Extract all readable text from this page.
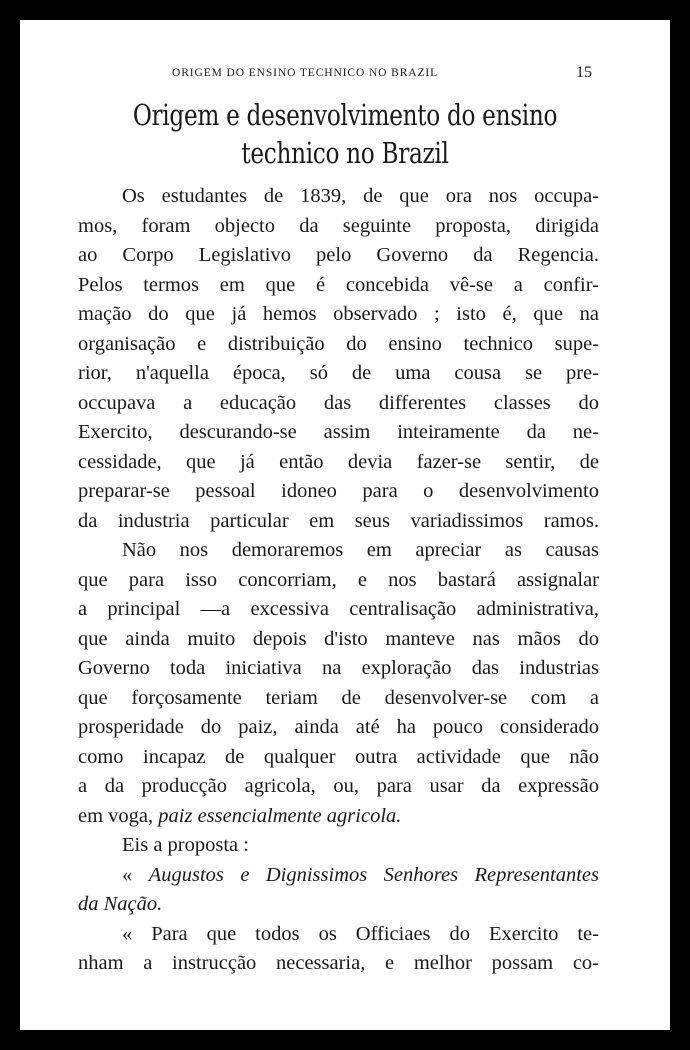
ORIGEM DO ENSINO TECHNICO NO BRAZIL	15
Origem e desenvolvimento do ensino
technico no Brazil
Os estudantes de 1839, de que ora nos occupa-
mos, foram objecto da seguinte proposta, dirigida
ao Corpo Legislativo pelo Governo da Regencia.
Pelos termos em que é concebida vê-se a confir-
mação do que já hemos observado ; isto é, que na
organisação e distribuição do ensino technico supe-
rior, n'aquella época, só de uma cousa se pre-
occupava a educação das differentes classes do
Exercito, descurando-se assim inteiramente da ne-
cessidade, que já então devia fazer-se sentir, de
preparar-se pessoal idoneo para o desenvolvimento
da industria particular em seus variadissimos ramos.
Não nos demoraremos em apreciar as causas
que para isso concorriam, e nos bastará assignalar
a principal —a excessiva centralisação administrativa,
que ainda muito depois d'isto manteve nas mãos do
Governo toda iniciativa na exploração das industrias
que forçosamente teriam de desenvolver-se com a
prosperidade do paiz, ainda até ha pouco considerado
como incapaz de qualquer outra actividade que não
a da producção agricola, ou, para usar da expressão
em voga, paiz essencialmente agricola.
Eis a proposta :
« Augustos e Dignissimos Senhores Representantes
da Nação.
« Para que todos os Officiaes do Exercito te-
nham a instrucção necessaria, e melhor possam co-
